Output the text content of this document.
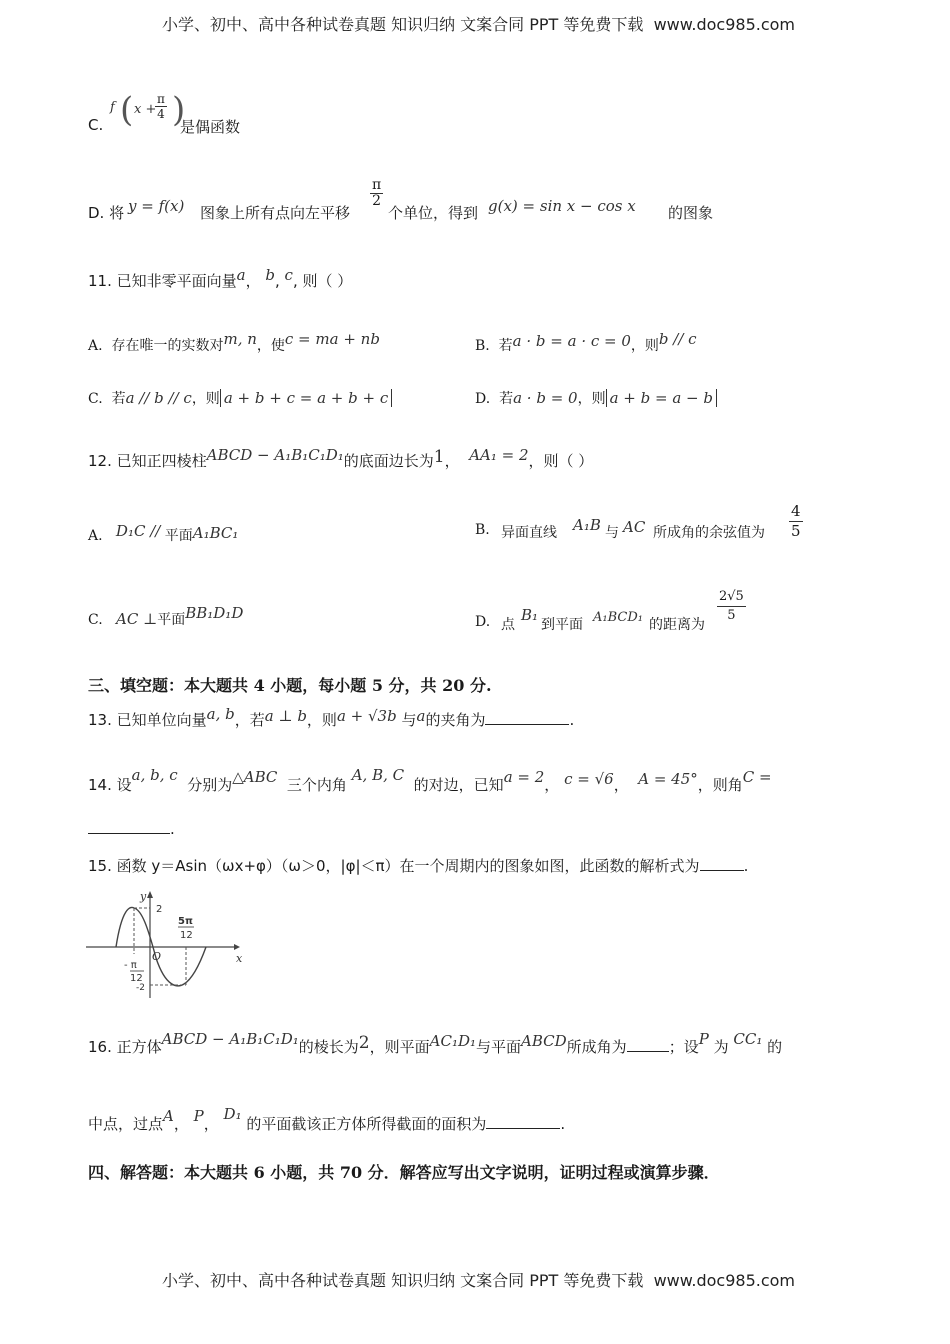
小学、初中、高中各种试卷真题 知识归纳 文案合同 PPT 等免费下载 www.doc985.com
C.
f ( x +
$\frac{\pi}{4}$ )
是偶函数
D. 将 y = f(x) 图象上所有点向左平移
$\frac{\pi}{2}$
个单位，得到 g(x) = sin x − cos x 的图象
11. 已知非零平面向量a， b, c, 则（ ）
A. 存在唯一的实数对m, n，使c = ma + nb	B. 若a · b = a · c = 0，则b // c
C. 若a // b // c，则 a + b + c = a + b + c	D. 若a · b = 0，则 a + b = a − b
12. 已知正四棱柱ABCD − A₁B₁C₁D₁的底面边长为1， AA₁ = 2，则（ ）
A. D₁C // 平面A₁BC₁	B. 异面直线 A₁B 与 AC 所成角的余弦值为 $\frac{4}{5}$
C. AC ⊥平面BB₁D₁D	D. 点
B₁
到平面 A₁BCD₁ 的距离为 $\frac{2√5}{5}$
三、填空题：本大题共 4 小题，每小题 5 分，共 20 分.
13. 已知单位向量a, b，若a ⊥ b，则a + √3b 与a的夹角为	.
14. 设a, b, c  分别为△ABC 三个内角 A, B, C  的对边，已知a = 2， c = √6， A = 45°，则角C =
.
15. 函数 y＝Asin（ωx+φ）（ω＞0，|φ|＜π）在一个周期内的图象如图，此函数的解析式为	.
y
x
O
2
-2
5π
12
- π
12
16. 正方体ABCD − A₁B₁C₁D₁的棱长为2，则平面AC₁D₁与平面ABCD所成角为	；设P 为 CC₁ 的
中点，过点A， P， D₁ 的平面截该正方体所得截面的面积为	.
四、解答题：本大题共 6 小题，共 70 分．解答应写出文字说明，证明过程或演算步骤．
小学、初中、高中各种试卷真题 知识归纳 文案合同 PPT 等免费下载 www.doc985.com
